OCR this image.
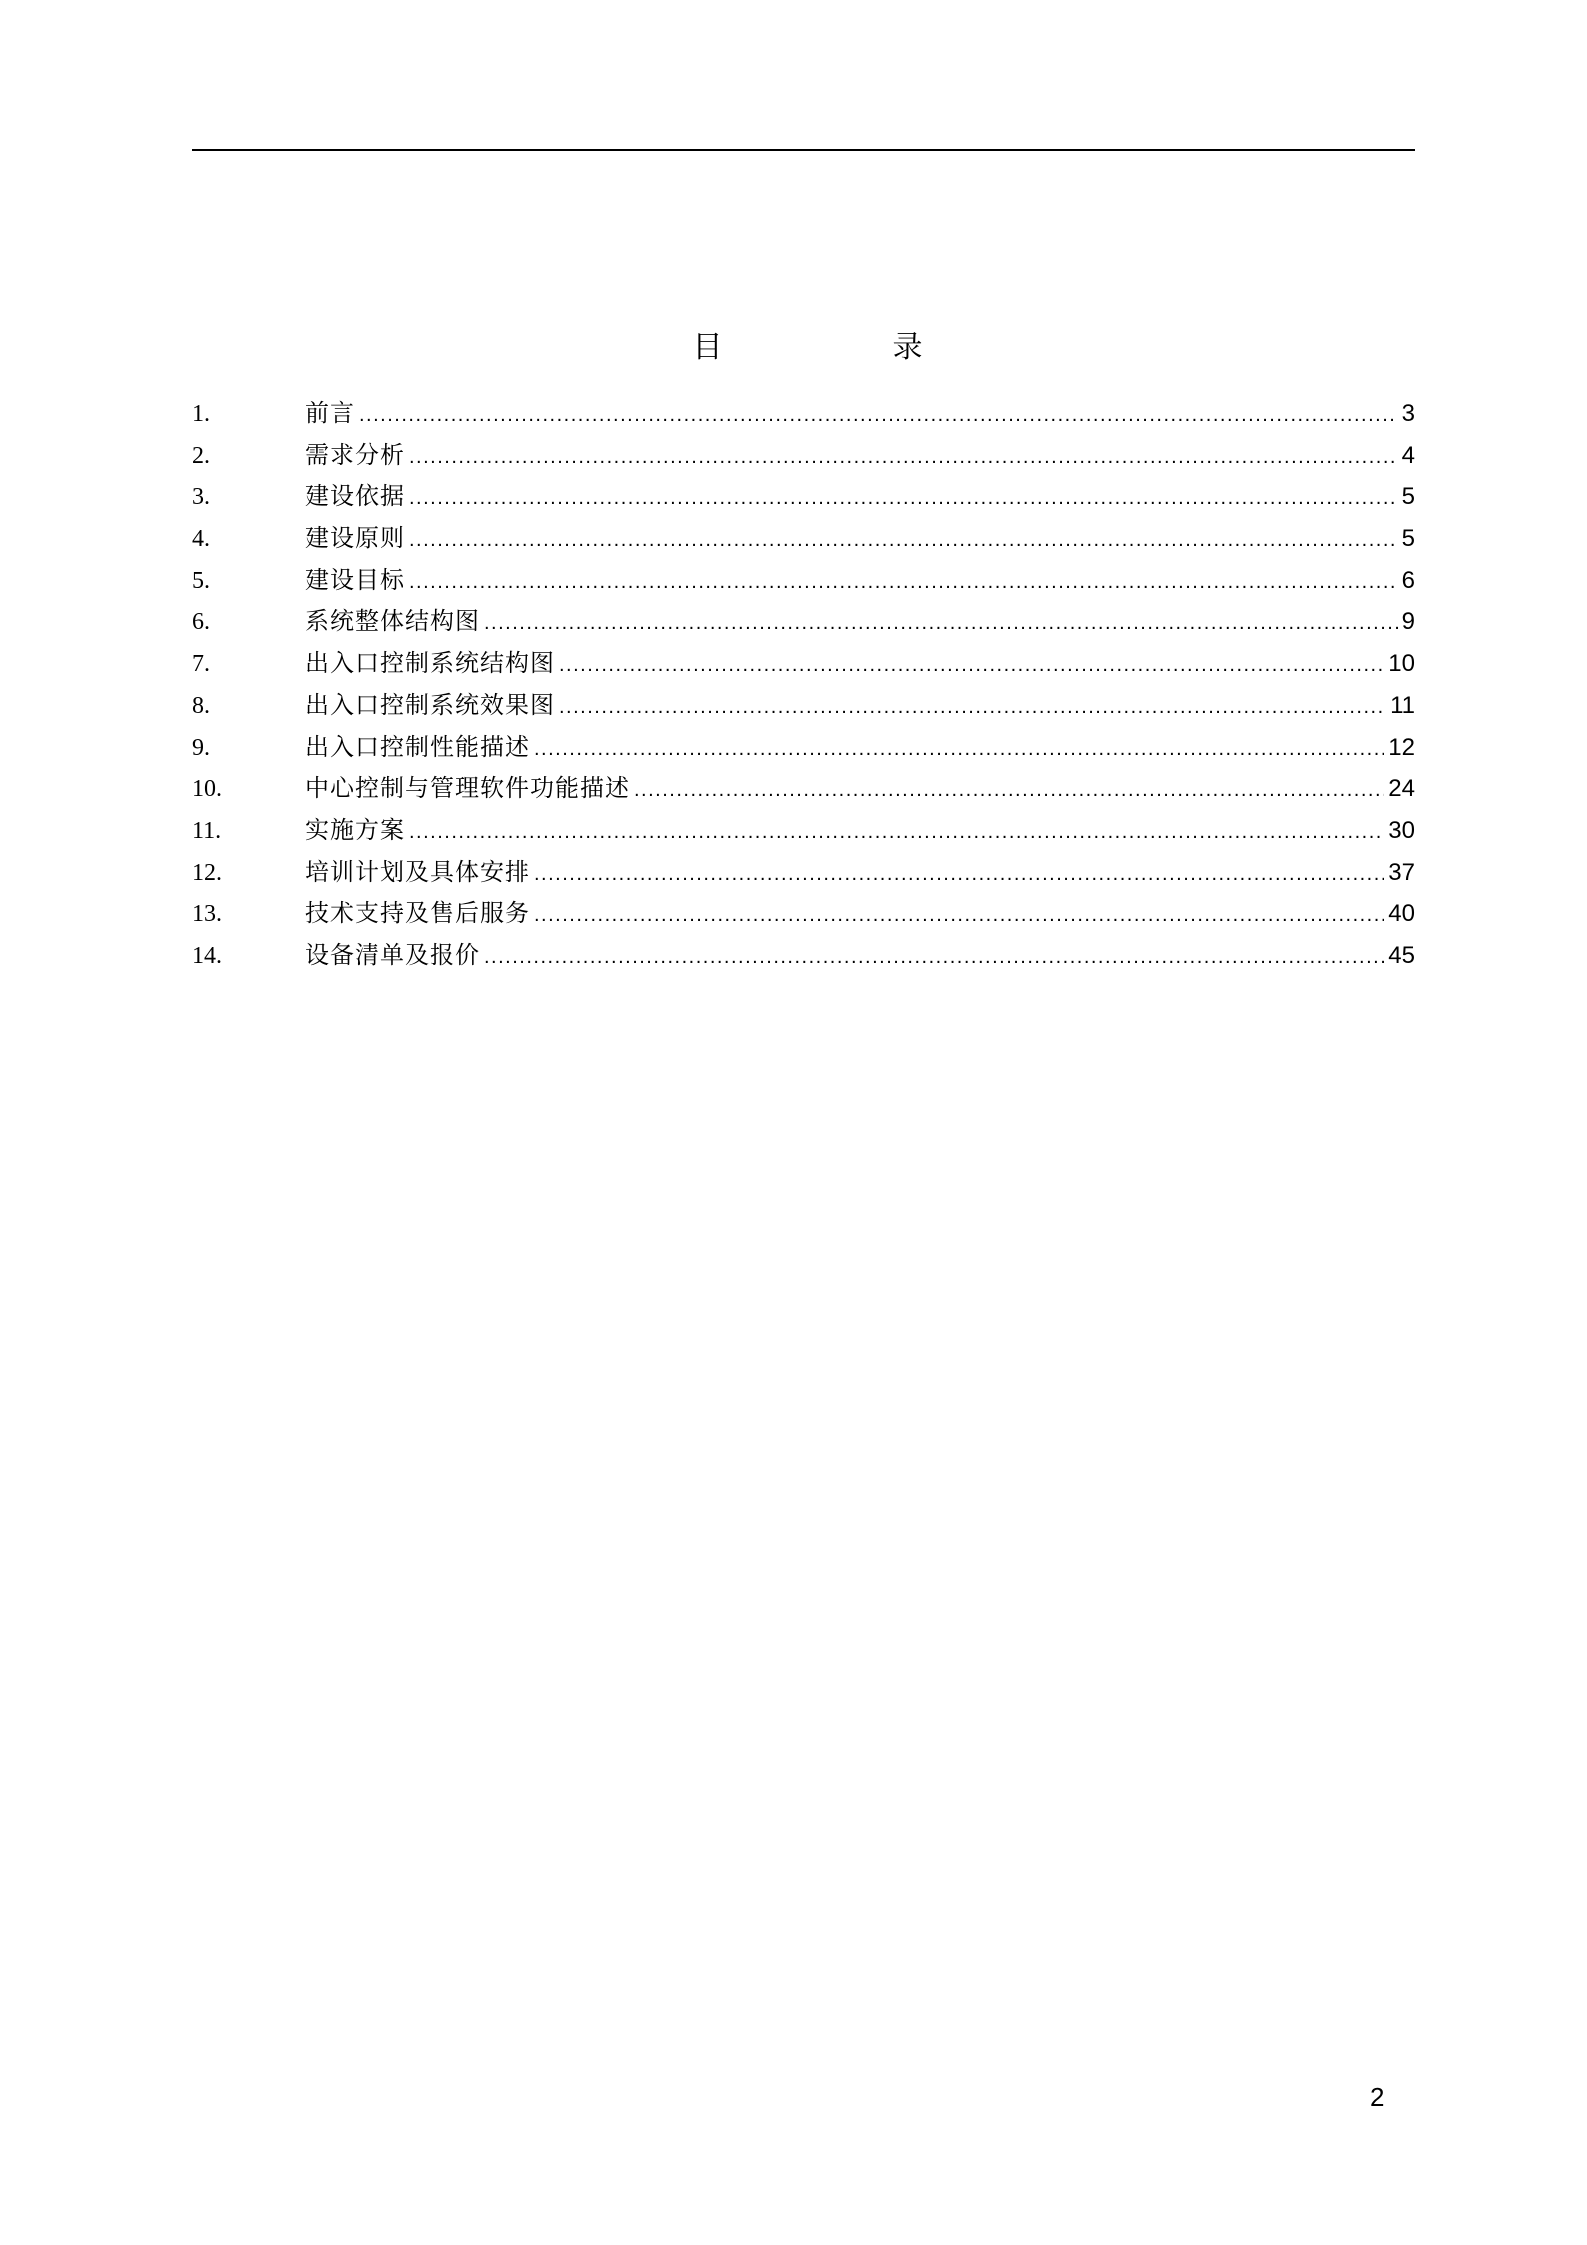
目	录
1.	前言 .....	3
2.	需求分析 .....	4
3.	建设依据 .....	5
4.	建设原则 .....	5
5.	建设目标 .....	6
6.	系统整体结构图 .....	9
7.	出入口控制系统结构图 .....	10
8.	出入口控制系统效果图 .....	11
9.	出入口控制性能描述 .....	12
10.	中心控制与管理软件功能描述 .....	24
11.	实施方案 .....	30
12.	培训计划及具体安排 .....	37
13.	技术支持及售后服务 .....	40
14.	设备清单及报价 .....	45
2
